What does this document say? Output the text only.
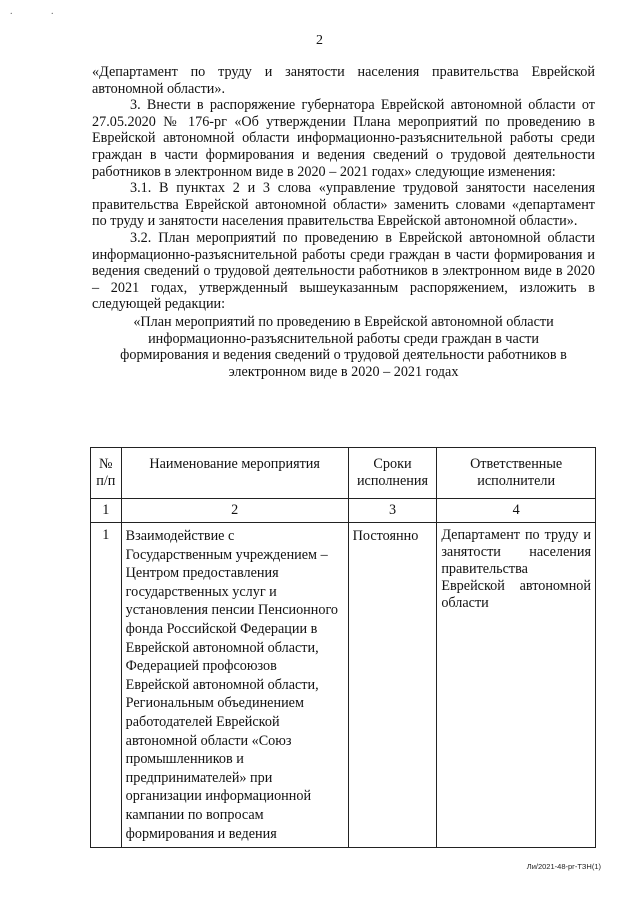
. .
2

«Департамент по труду и занятости населения правительства Еврейской автономной области».

3. Внести в распоряжение губернатора Еврейской автономной области от 27.05.2020 № 176-рг «Об утверждении Плана мероприятий по проведению в Еврейской автономной области информационно-разъяснительной работы среди граждан в части формирования и ведения сведений о трудовой деятельности работников в электронном виде в 2020 – 2021 годах» следующие изменения:

3.1. В пунктах 2 и 3 слова «управление трудовой занятости населения правительства Еврейской автономной области» заменить словами «департамент по труду и занятости населения правительства Еврейской автономной области».

3.2. План мероприятий по проведению в Еврейской автономной области информационно-разъяснительной работы среди граждан в части формирования и ведения сведений о трудовой деятельности работников в электронном виде в 2020 – 2021 годах, утвержденный вышеуказанным распоряжением, изложить в следующей редакции:

«План мероприятий по проведению в Еврейской автономной области информационно-разъяснительной работы среди граждан в части формирования и ведения сведений о трудовой деятельности работников в электронном виде в 2020 – 2021 годах

№ п/п	Наименование мероприятия	Сроки исполнения	Ответственные исполнители
1	2	3	4
1	Взаимодействие с Государственным учреждением – Центром предоставления государственных услуг и установления пенсии Пенсионного фонда Российской Федерации в Еврейской автономной области, Федерацией профсоюзов Еврейской автономной области, Региональным объединением работодателей Еврейской автономной области «Союз промышленников и предпринимателей» при организации информационной кампании по вопросам формирования и ведения	Постоянно	Департамент по труду и занятости населения правительства Еврейской автономной области
Ли/2021-48-рг-ТЗН(1)
